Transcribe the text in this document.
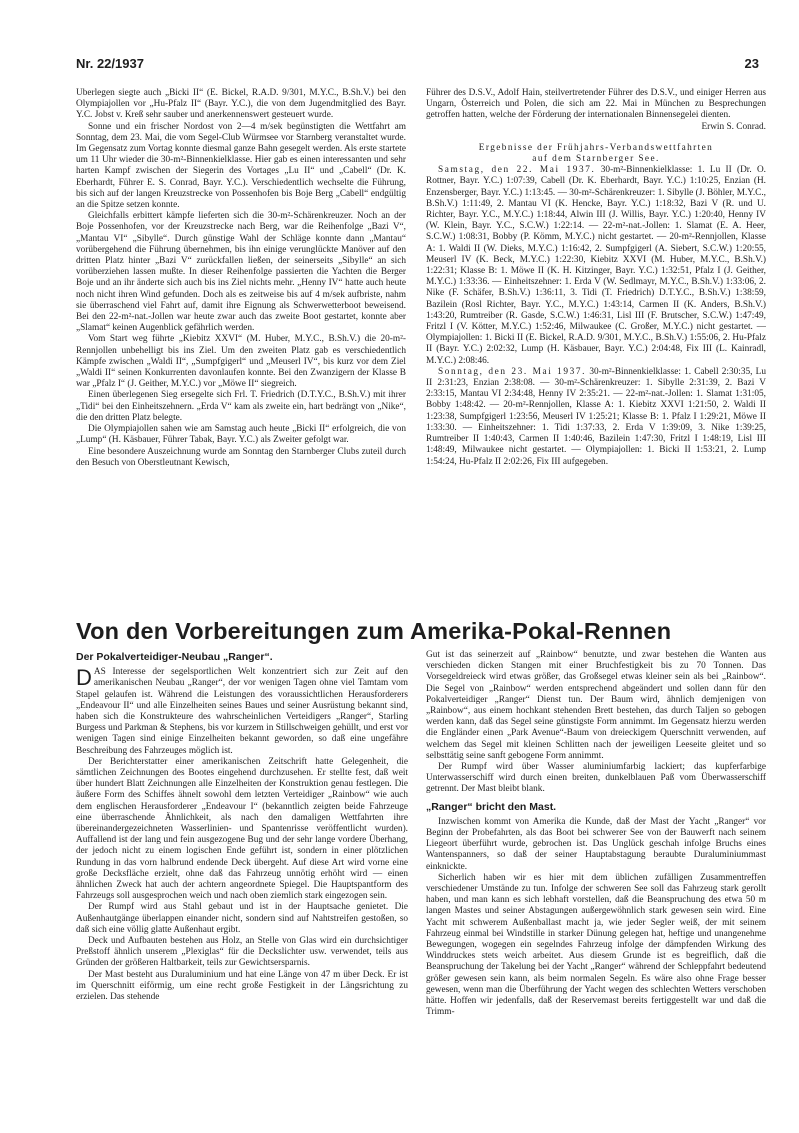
Nr. 22/1937	23

Überlegen siegte auch „Bicki II“ (E. Bickel, R.A.D. 9/301, M.Y.C., B.Sh.V.) bei den Olympiajollen vor „Hu-Pfalz II“ (Bayr. Y.C.), die von dem Jugendmitglied des Bayr. Y.C. Jobst v. Kreß sehr sauber und anerkennenswert gesteuert wurde.

Sonne und ein frischer Nordost von 2—4 m/sek begünstigten die Wettfahrt am Sonntag, dem 23. Mai, die vom Segel-Club Würmsee vor Starnberg veranstaltet wurde. Im Gegensatz zum Vortag konnte diesmal ganze Bahn gesegelt werden. Als erste startete um 11 Uhr wieder die 30-m²-Binnenkielklasse. Hier gab es einen interessanten und sehr harten Kampf zwischen der Siegerin des Vortages „Lu II“ und „Cabell“ (Dr. K. Eberhardt, Führer E. S. Conrad, Bayr. Y.C.). Verschiedentlich wechselte die Führung, bis sich auf der langen Kreuzstrecke von Possenhofen bis Boje Berg „Cabell“ endgültig an die Spitze setzen konnte.

Gleichfalls erbittert kämpfe lieferten sich die 30-m²-Schärenkreuzer. Noch an der Boje Possenhofen, vor der Kreuzstrecke nach Berg, war die Reihenfolge „Bazi V“, „Mantau VI“ „Sibylle“. Durch günstige Wahl der Schläge konnte dann „Mantau“ vorübergehend die Führung übernehmen, bis ihn einige verunglückte Manöver auf den dritten Platz hinter „Bazi V“ zurückfallen ließen, der seinerseits „Sibylle“ an sich vorüberziehen lassen mußte. In dieser Reihenfolge passierten die Yachten die Berger Boje und an ihr änderte sich auch bis ins Ziel nichts mehr. „Henny IV“ hatte auch heute noch nicht ihren Wind gefunden. Doch als es zeitweise bis auf 4 m/sek aufbriste, nahm sie überraschend viel Fahrt auf, damit ihre Eignung als Schwerwetterboot beweisend. Bei den 22-m²-nat.-Jollen war heute zwar auch das zweite Boot gestartet, konnte aber „Slamat“ keinen Augenblick gefährlich werden.

Vom Start weg führte „Kiebitz XXVI“ (M. Huber, M.Y.C., B.Sh.V.) die 20-m²-Rennjollen unbehelligt bis ins Ziel. Um den zweiten Platz gab es verschiedentlich Kämpfe zwischen „Waldi II“, „Sumpfgigerl“ und „Meuserl IV“, bis kurz vor dem Ziel „Waldi II“ seinen Konkurrenten davonlaufen konnte. Bei den Zwanzigern der Klasse B war „Pfalz I“ (J. Geither, M.Y.C.) vor „Möwe II“ siegreich.

Einen überlegenen Sieg ersegelte sich Frl. T. Friedrich (D.T.Y.C., B.Sh.V.) mit ihrer „Tidi“ bei den Einheitszehnern. „Erda V“ kam als zweite ein, hart bedrängt von „Nike“, die den dritten Platz belegte.

Die Olympiajollen sahen wie am Samstag auch heute „Bicki II“ erfolgreich, die von „Lump“ (H. Käsbauer, Führer Tabak, Bayr. Y.C.) als Zweiter gefolgt war.

Eine besondere Auszeichnung wurde am Sonntag den Starnberger Clubs zuteil durch den Besuch von Oberstleutnant Kewisch,

Führer des D.S.V., Adolf Hain, steilvertretender Führer des D.S.V., und einiger Herren aus Ungarn, Österreich und Polen, die sich am 22. Mai in München zu Besprechungen getroffen hatten, welche der Förderung der internationalen Binnensegelei dienten.

Erwin S. Conrad.

Ergebnisse der Frühjahrs-Verbandswettfahrten
auf dem Starnberger See.

Samstag, den 22. Mai 1937. 30-m²-Binnenkielklasse: 1. Lu II (Dr. O. Rottner, Bayr. Y.C.) 1:07:39, Cabell (Dr. K. Eberhardt, Bayr. Y.C.) 1:10:25, Enzian (H. Enzensberger, Bayr. Y.C.) 1:13:45. — 30-m²-Schärenkreuzer: 1. Sibylle (J. Böhler, M.Y.C., B.Sh.V.) 1:11:49, 2. Mantau VI (K. Hencke, Bayr. Y.C.) 1:18:32, Bazi V (R. und U. Richter, Bayr. Y.C., M.Y.C.) 1:18:44, Alwin III (J. Willis, Bayr. Y.C.) 1:20:40, Henny IV (W. Klein, Bayr. Y.C., S.C.W.) 1:22:14. — 22-m²-nat.-Jollen: 1. Slamat (E. A. Heer, S.C.W.) 1:08:31, Bobby (P. Kömm, M.Y.C.) nicht gestartet. — 20-m²-Rennjollen, Klasse A: 1. Waldi II (W. Dieks, M.Y.C.) 1:16:42, 2. Sumpfgigerl (A. Siebert, S.C.W.) 1:20:55, Meuserl IV (K. Beck, M.Y.C.) 1:22:30, Kiebitz XXVI (M. Huber, M.Y.C., B.Sh.V.) 1:22:31; Klasse B: 1. Möwe II (K. H. Kitzinger, Bayr. Y.C.) 1:32:51, Pfalz I (J. Geither, M.Y.C.) 1:33:36. — Einheitszehner: 1. Erda V (W. Sedlmayr, M.Y.C., B.Sh.V.) 1:33:06, 2. Nike (F. Schäfer, B.Sh.V.) 1:36:11, 3. Tidi (T. Friedrich) D.T.Y.C., B.Sh.V.) 1:38:59, Bazilein (Rosl Richter, Bayr. Y.C., M.Y.C.) 1:43:14, Carmen II (K. Anders, B.Sh.V.) 1:43:20, Rumtreiber (R. Gasde, S.C.W.) 1:46:31, Lisl III (F. Brutscher, S.C.W.) 1:47:49, Fritzl I (V. Kötter, M.Y.C.) 1:52:46, Milwaukee (C. Großer, M.Y.C.) nicht gestartet. — Olympiajollen: 1. Bicki II (E. Bickel, R.A.D. 9/301, M.Y.C., B.Sh.V.) 1:55:06, 2. Hu-Pfalz II (Bayr. Y.C.) 2:02:32, Lump (H. Käsbauer, Bayr. Y.C.) 2:04:48, Fix III (L. Kainradl, M.Y.C.) 2:08:46.

Sonntag, den 23. Mai 1937. 30-m²-Binnenkielklasse: 1. Cabell 2:30:35, Lu II 2:31:23, Enzian 2:38:08. — 30-m²-Schärenkreuzer: 1. Sibylle 2:31:39, 2. Bazi V 2:33:15, Mantau VI 2:34:48, Henny IV 2:35:21. — 22-m²-nat.-Jollen: 1. Slamat 1:31:05, Bobby 1:48:42. — 20-m²-Rennjollen, Klasse A: 1. Kiebitz XXVI 1:21:50, 2. Waldi II 1:23:38, Sumpfgigerl 1:23:56, Meuserl IV 1:25:21; Klasse B: 1. Pfalz I 1:29:21, Möwe II 1:33:30. — Einheitszehner: 1. Tidi 1:37:33, 2. Erda V 1:39:09, 3. Nike 1:39:25, Rumtreiber II 1:40:43, Carmen II 1:40:46, Bazilein 1:47:30, Fritzl I 1:48:19, Lisl III 1:48:49, Milwaukee nicht gestartet. — Olympiajollen: 1. Bicki II 1:53:21, 2. Lump 1:54:24, Hu-Pfalz II 2:02:26, Fix III aufgegeben.

Von den Vorbereitungen zum Amerika-Pokal-Rennen

Der Pokalverteidiger-Neubau „Ranger“.

DAS Interesse der segelsportlichen Welt konzentriert sich zur Zeit auf den amerikanischen Neubau „Ranger“, der vor wenigen Tagen ohne viel Tamtam vom Stapel gelaufen ist. Während die Leistungen des voraussichtlichen Herausforderers „Endeavour II“ und alle Einzelheiten seines Baues und seiner Ausrüstung bekannt sind, haben sich die Konstrukteure des wahrscheinlichen Verteidigers „Ranger“, Starling Burgess und Parkman & Stephens, bis vor kurzem in Stillschweigen gehüllt, und erst vor wenigen Tagen sind einige Einzelheiten bekannt geworden, so daß eine ungefähre Beschreibung des Fahrzeuges möglich ist.

Der Berichterstatter einer amerikanischen Zeitschrift hatte Gelegenheit, die sämtlichen Zeichnungen des Bootes eingehend durchzusehen. Er stellte fest, daß weit über hundert Blatt Zeichnungen alle Einzelheiten der Konstruktion genau festlegen. Die äußere Form des Schiffes ähnelt sowohl dem letzten Verteidiger „Rainbow“ wie auch dem englischen Herausforderer „Endeavour I“ (bekanntlich zeigten beide Fahrzeuge eine überraschende Ähnlichkeit, als nach den damaligen Wettfahrten ihre übereinandergezeichneten Wasserlinien- und Spantenrisse veröffentlicht wurden). Auffallend ist der lang und fein ausgezogene Bug und der sehr lange vordere Überhang, der jedoch nicht zu einem logischen Ende geführt ist, sondern in einer plötzlichen Rundung in das vorn halbrund endende Deck übergeht. Auf diese Art wird vorne eine große Decksfläche erzielt, ohne daß das Fahrzeug unnötig erhöht wird — einen ähnlichen Zweck hat auch der achtern angeordnete Spiegel. Die Hauptspantform des Fahrzeugs soll ausgesprochen weich und nach oben ziemlich stark eingezogen sein.

Der Rumpf wird aus Stahl gebaut und ist in der Hauptsache genietet. Die Außenhautgänge überlappen einander nicht, sondern sind auf Nahtstreifen gestoßen, so daß sich eine völlig glatte Außenhaut ergibt.

Deck und Aufbauten bestehen aus Holz, an Stelle von Glas wird ein durchsichtiger Preßstoff ähnlich unserem „Plexiglas“ für die Deckslichter usw. verwendet, teils aus Gründen der größeren Haltbarkeit, teils zur Gewichtsersparnis.

Der Mast besteht aus Duraluminium und hat eine Länge von 47 m über Deck. Er ist im Querschnitt eiförmig, um eine recht große Festigkeit in der Längsrichtung zu erzielen. Das stehende

Gut ist das seinerzeit auf „Rainbow“ benutzte, und zwar bestehen die Wanten aus verschieden dicken Stangen mit einer Bruchfestigkeit bis zu 70 Tonnen. Das Vorsegeldreieck wird etwas größer, das Großsegel etwas kleiner sein als bei „Rainbow“. Die Segel von „Rainbow“ werden entsprechend abgeändert und sollen dann für den Pokalverteidiger „Ranger“ Dienst tun. Der Baum wird, ähnlich demjenigen von „Rainbow“, aus einem hochkant stehenden Brett bestehen, das durch Taljen so gebogen werden kann, daß das Segel seine günstigste Form annimmt. Im Gegensatz hierzu werden die Engländer einen „Park Avenue“-Baum von dreieckigem Querschnitt verwenden, auf welchem das Segel mit kleinen Schlitten nach der jeweiligen Leeseite gleitet und so selbsttätig seine sanft gebogene Form annimmt.

Der Rumpf wird über Wasser aluminiumfarbig lackiert; das kupferfarbige Unterwasserschiff wird durch einen breiten, dunkelblauen Paß vom Überwasserschiff getrennt. Der Mast bleibt blank.

„Ranger“ bricht den Mast.

Inzwischen kommt von Amerika die Kunde, daß der Mast der Yacht „Ranger“ vor Beginn der Probefahrten, als das Boot bei schwerer See von der Bauwerft nach seinem Liegeort überführt wurde, gebrochen ist. Das Unglück geschah infolge Bruchs eines Wantenspanners, so daß der seiner Hauptabstagung beraubte Duraluminiummast einknickte.

Sicherlich haben wir es hier mit dem üblichen zufälligen Zusammentreffen verschiedener Umstände zu tun. Infolge der schweren See soll das Fahrzeug stark gerollt haben, und man kann es sich lebhaft vorstellen, daß die Beanspruchung des etwa 50 m langen Mastes und seiner Abstagungen außergewöhnlich stark gewesen sein wird. Eine Yacht mit schwerem Außenballast macht ja, wie jeder Segler weiß, der mit seinem Fahrzeug einmal bei Windstille in starker Dünung gelegen hat, heftige und unangenehme Bewegungen, wogegen ein segelndes Fahrzeug infolge der dämpfenden Wirkung des Winddruckes stets weich arbeitet. Aus diesem Grunde ist es begreiflich, daß die Beanspruchung der Takelung bei der Yacht „Ranger“ während der Schleppfahrt bedeutend größer gewesen sein kann, als beim normalen Segeln. Es wäre also ohne Frage besser gewesen, wenn man die Überführung der Yacht wegen des schlechten Wetters verschoben hätte. Hoffen wir jedenfalls, daß der Reservemast bereits fertiggestellt war und daß die Trimm-
